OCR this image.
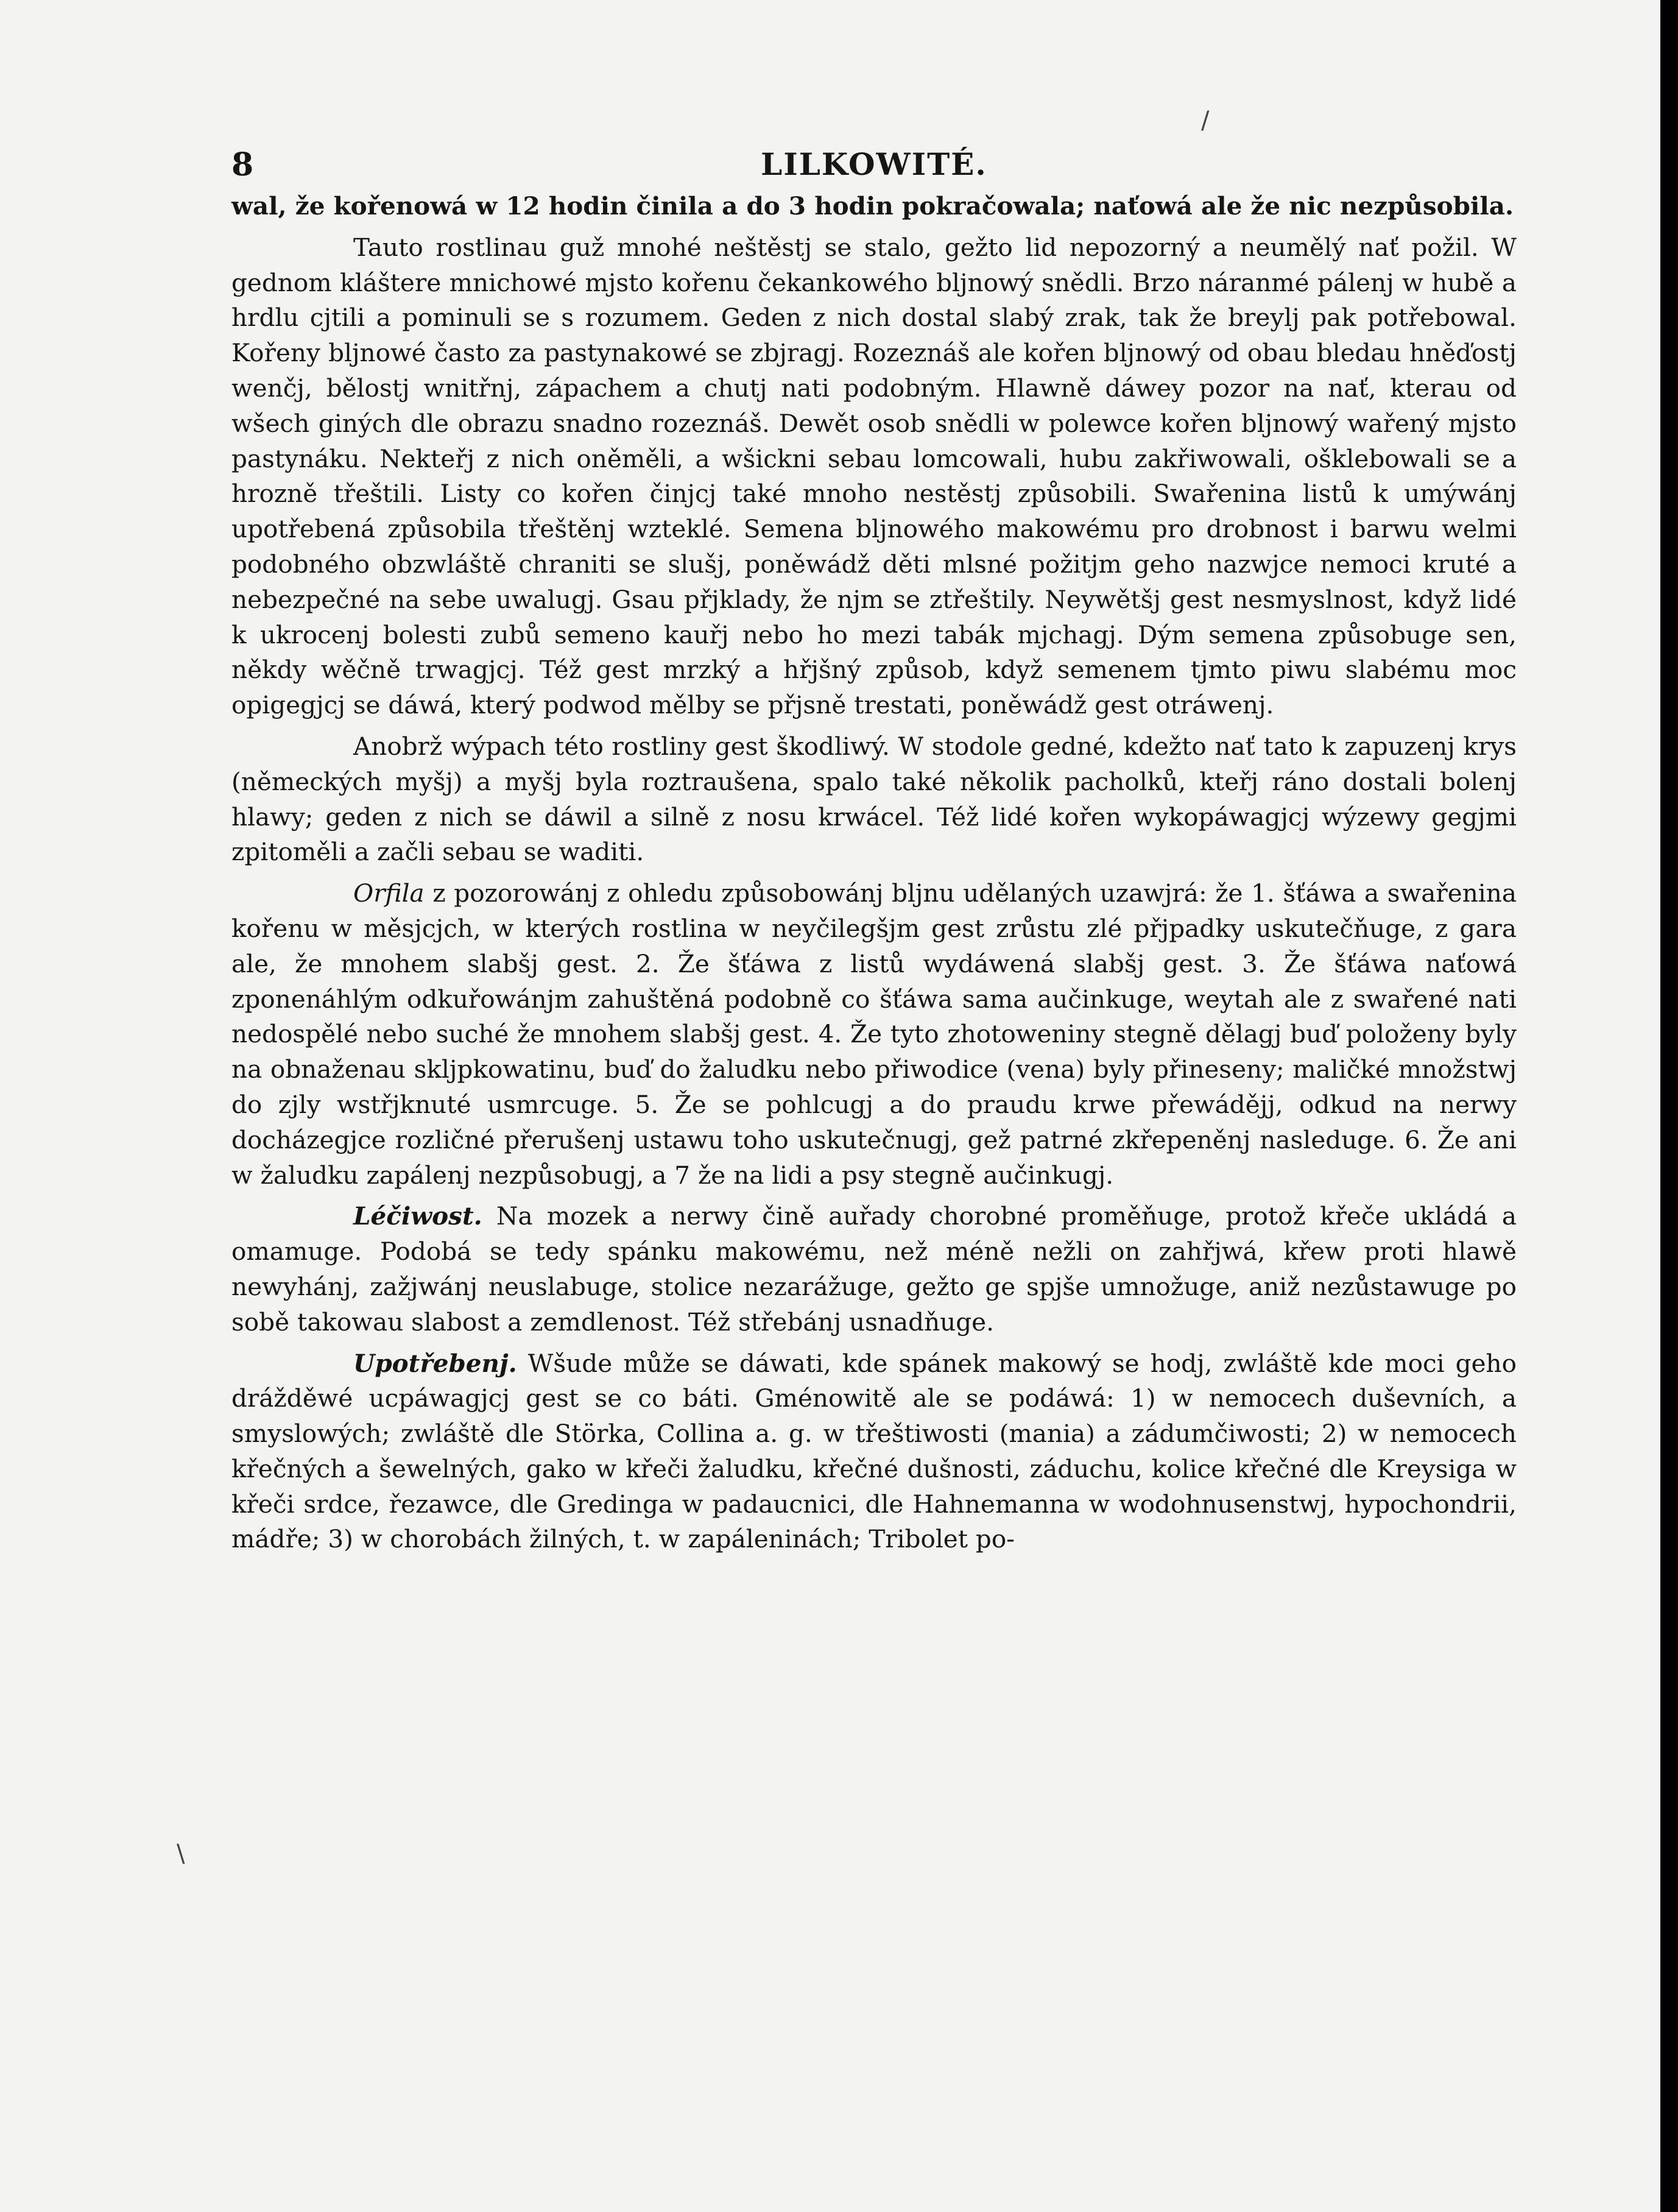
/
\
8	LILKOWITÉ.

wal, že kořenowá w 12 hodin činila a do 3 hodin pokračowala; naťowá ale že nic nezpůsobila.

Tauto rostlinau guž mnohé neštěstj se stalo, gežto lid nepozorný a neumělý nať požil. W gednom kláštere mnichowé mjsto kořenu čekankowého bljnowý snědli. Brzo náranmé pálenj w hubě a hrdlu cjtili a pominuli se s rozumem. Geden z nich dostal slabý zrak, tak že breylj pak potřebowal. Kořeny bljnowé často za pastynakowé se zbjragj. Rozeznáš ale kořen bljnowý od obau bledau hněďostj wenčj, bělostj wnitřnj, zápachem a chutj nati podobným. Hlawně dáwey pozor na nať, kterau od wšech giných dle obrazu snadno rozeznáš. Dewět osob snědli w polewce kořen bljnowý wařený mjsto pastynáku. Nekteřj z nich oněměli, a wšickni sebau lomcowali, hubu zakřiwowali, ošklebowali se a hrozně třeštili. Listy co kořen činjcj také mnoho nestěstj způsobili. Swařenina listů k umýwánj upotřebená způsobila třeštěnj wzteklé. Semena bljnowého makowému pro drobnost i barwu welmi podobného obzwláště chraniti se slušj, poněwádž děti mlsné požitjm geho nazwjce nemoci kruté a nebezpečné na sebe uwalugj. Gsau přjklady, že njm se ztřeštily. Neywětšj gest nesmyslnost, když lidé k ukrocenj bolesti zubů semeno kauřj nebo ho mezi tabák mjchagj. Dým semena způsobuge sen, někdy wěčně trwagjcj. Též gest mrzký a hřjšný způsob, když semenem tjmto piwu slabému moc opigegjcj se dáwá, který podwod mělby se přjsně trestati, poněwádž gest otráwenj.

Anobrž wýpach této rostliny gest škodliwý. W stodole gedné, kdežto nať tato k zapuzenj krys (německých myšj) a myšj byla roztraušena, spalo také několik pacholků, kteřj ráno dostali bolenj hlawy; geden z nich se dáwil a silně z nosu krwácel. Též lidé kořen wykopáwagjcj wýzewy gegjmi zpitoměli a začli sebau se waditi.

Orfila z pozorowánj z ohledu způsobowánj bljnu udělaných uzawjrá: že 1. šťáwa a swařenina kořenu w měsjcjch, w kterých rostlina w neyčilegšjm gest zrůstu zlé přjpadky uskutečňuge, z gara ale, že mnohem slabšj gest. 2. Že šťáwa z listů wydáwená slabšj gest. 3. Že šťáwa naťowá zponenáhlým odkuřowánjm zahuštěná podobně co šťáwa sama aučinkuge, weytah ale z swařené nati nedospělé nebo suché že mnohem slabšj gest. 4. Že tyto zhotoweniny stegně dělagj buď položeny byly na obnaženau skljpkowatinu, buď do žaludku nebo přiwodice (vena) byly přineseny; maličké množstwj do zjly wstřjknuté usmrcuge. 5. Že se pohlcugj a do praudu krwe přewádějj, odkud na nerwy docházegjce rozličné přerušenj ustawu toho uskutečnugj, gež patrné zkřepeněnj nasleduge. 6. Že ani w žaludku zapálenj nezpůsobugj, a 7 že na lidi a psy stegně aučinkugj.

Léčiwost. Na mozek a nerwy čině auřady chorobné proměňuge, protož křeče ukládá a omamuge. Podobá se tedy spánku makowému, než méně nežli on zahřjwá, křew proti hlawě newyhánj, zažjwánj neuslabuge, stolice nezarážuge, gežto ge spjše umnožuge, aniž nezůstawuge po sobě takowau slabost a zemdlenost. Též střebánj usnadňuge.

Upotřebenj. Wšude může se dáwati, kde spánek makowý se hodj, zwláště kde moci geho drážděwé ucpáwagjcj gest se co báti. Gménowitě ale se podáwá: 1) w nemocech duševních, a smyslowých; zwláště dle Störka, Collina a. g. w třeštiwosti (mania) a zádumčiwosti; 2) w nemocech křečných a šewelných, gako w křeči žaludku, křečné dušnosti, záduchu, kolice křečné dle Kreysiga w křeči srdce, řezawce, dle Gredinga w padaucnici, dle Hahnemanna w wodohnusenstwj, hypochondrii, mádře; 3) w chorobách žilných, t. w zapáleninách; Tribolet po-
